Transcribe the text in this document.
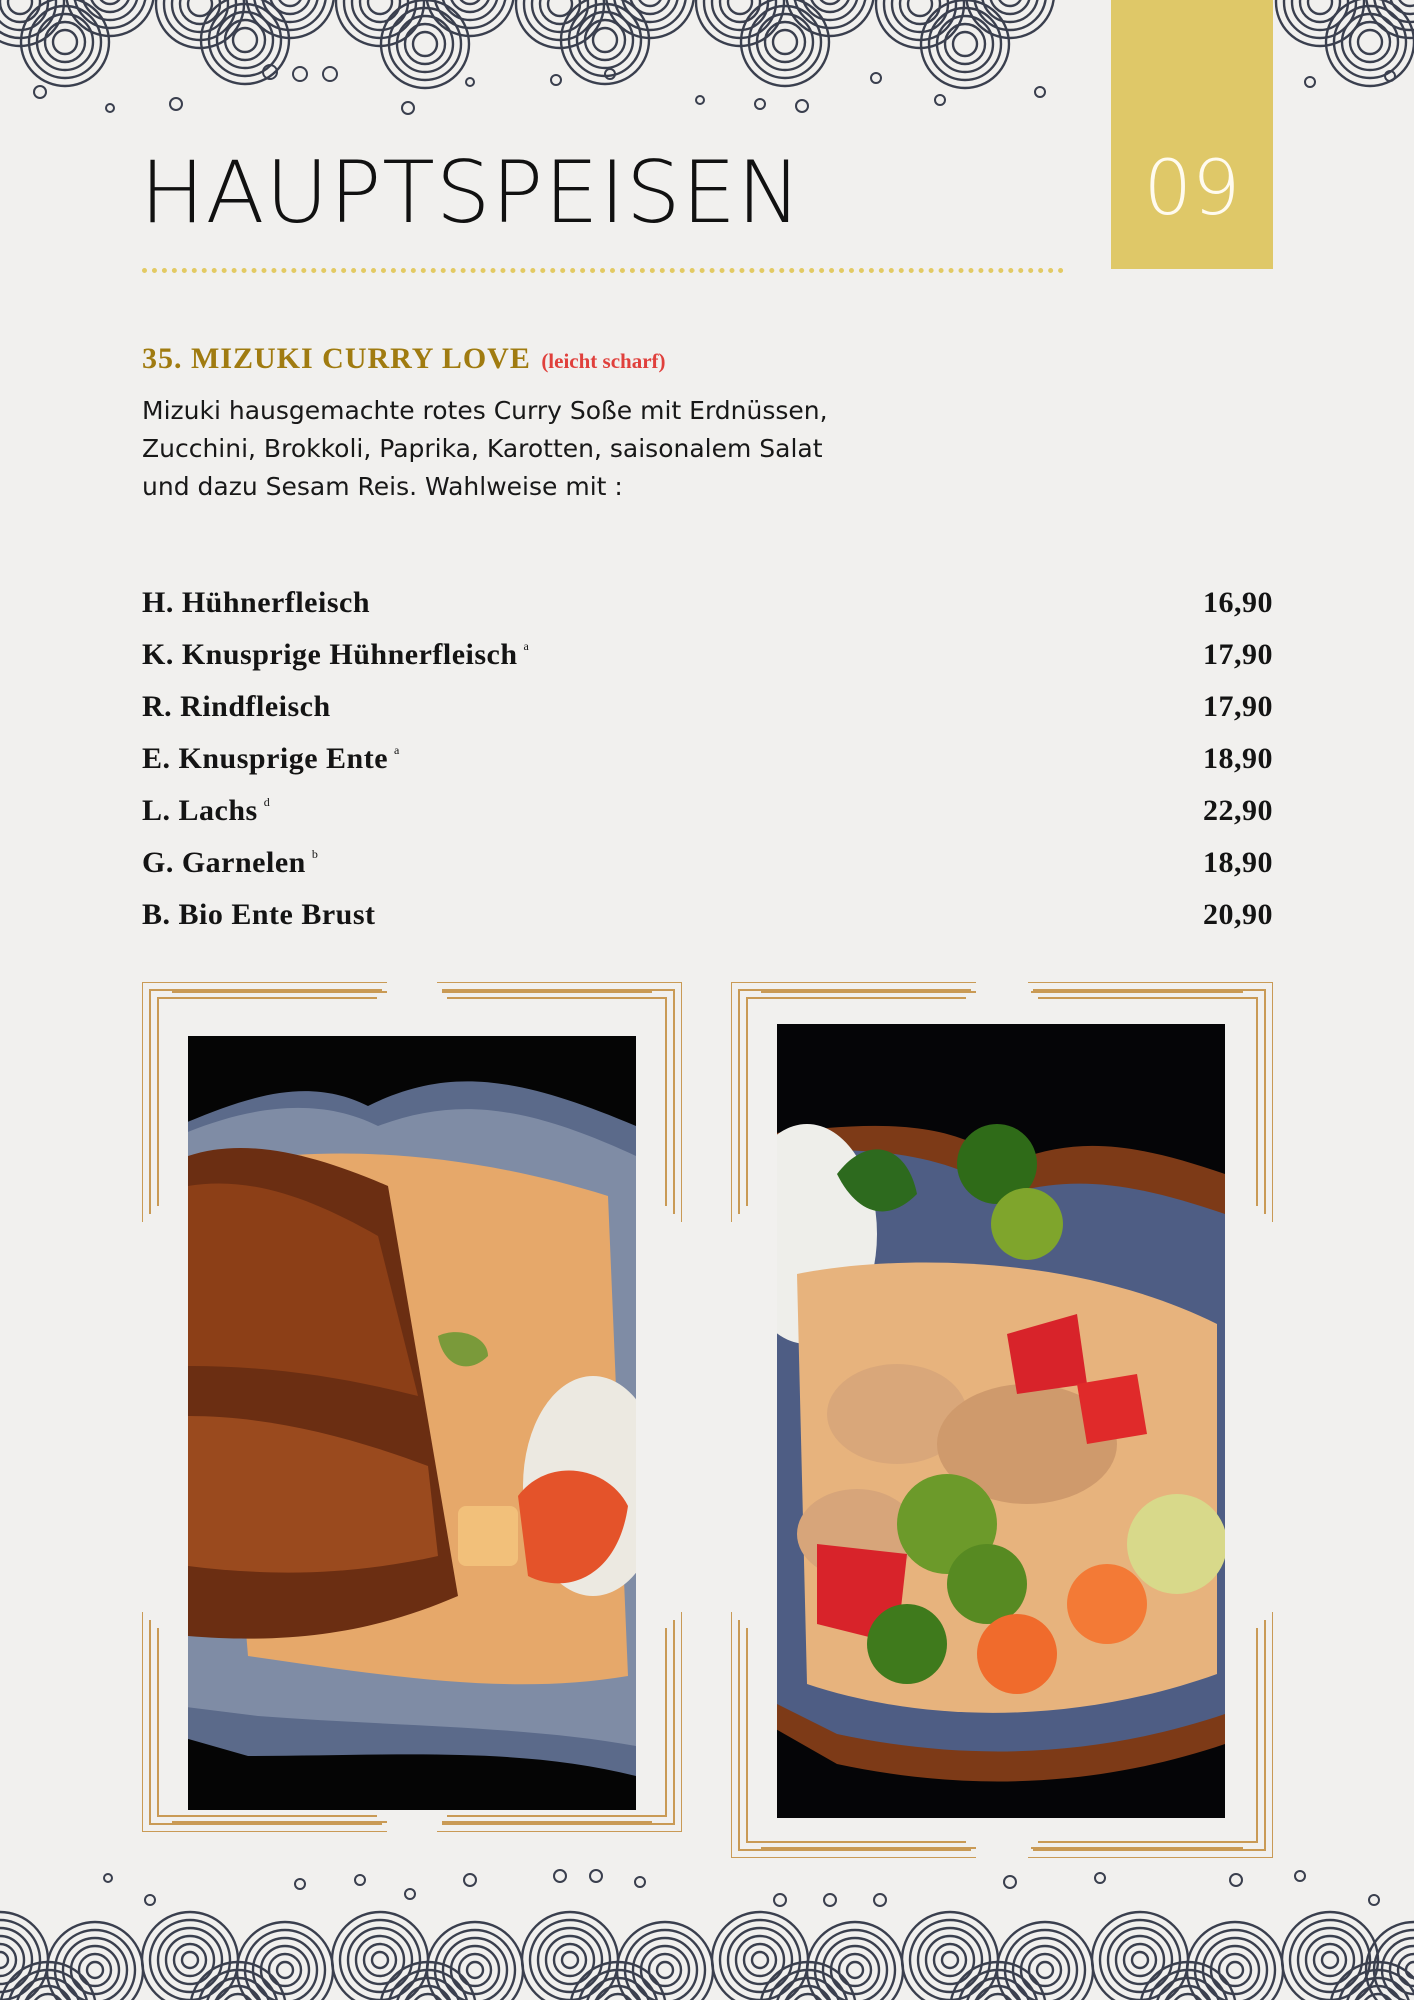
09
HAUPTSPEISEN
35. MIZUKI CURRY LOVE (leicht scharf)
Mizuki hausgemachte rotes Curry Soße mit Erdnüssen,
Zucchini, Brokkoli, Paprika, Karotten, saisonalem Salat
und dazu Sesam Reis. Wahlweise mit :
H. Hühnerfleisch	16,90
K. Knusprige Hühnerfleisch $^a$	17,90
R. Rindfleisch	17,90
E. Knusprige Ente $^a$	18,90
L. Lachs $^d$	22,90
G. Garnelen $^b$	18,90
B. Bio Ente Brust	20,90
